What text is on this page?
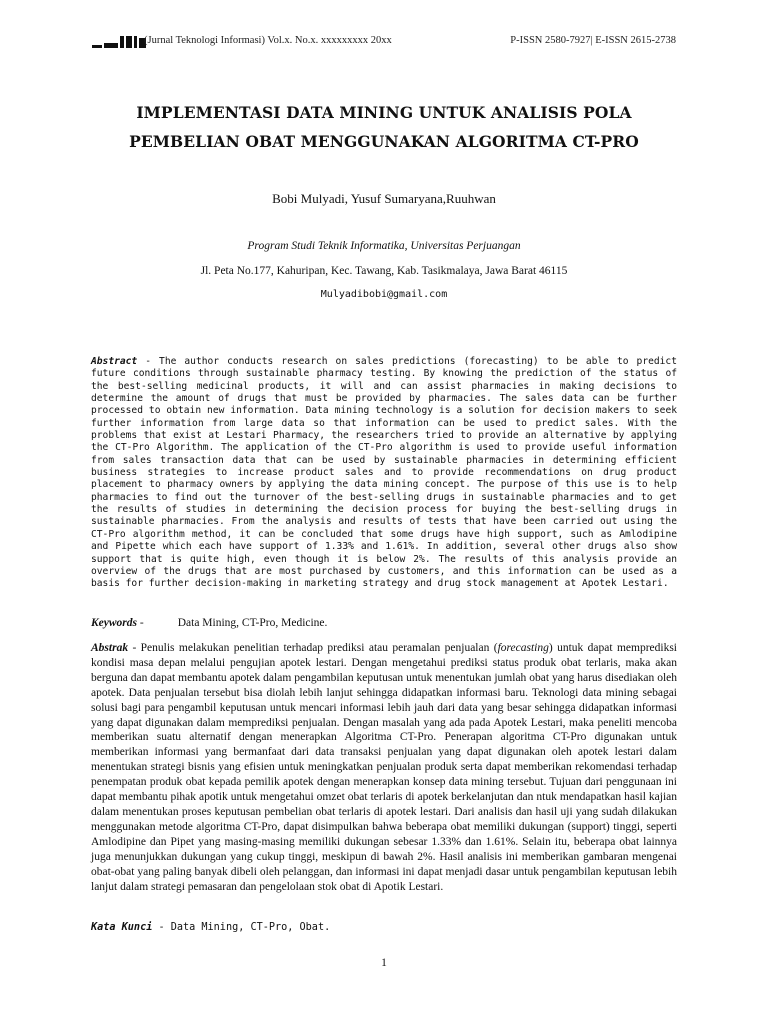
(Jurnal Teknologi Informasi) Vol.x. No.x. xxxxxxxxx 20xx	P-ISSN 2580-7927| E-ISSN 2615-2738
IMPLEMENTASI DATA MINING UNTUK ANALISIS POLA PEMBELIAN OBAT MENGGUNAKAN ALGORITMA CT-PRO
Bobi Mulyadi, Yusuf Sumaryana,Ruuhwan
Program Studi Teknik Informatika, Universitas Perjuangan
Jl. Peta No.177, Kahuripan, Kec. Tawang, Kab. Tasikmalaya, Jawa Barat 46115
Mulyadibobi@gmail.com
Abstract - The author conducts research on sales predictions (forecasting) to be able to predict future conditions through sustainable pharmacy testing. By knowing the prediction of the status of the best-selling medicinal products, it will and can assist pharmacies in making decisions to determine the amount of drugs that must be provided by pharmacies. The sales data can be further processed to obtain new information. Data mining technology is a solution for decision makers to seek further information from large data so that information can be used to predict sales. With the problems that exist at Lestari Pharmacy, the researchers tried to provide an alternative by applying the CT-Pro Algorithm. The application of the CT-Pro algorithm is used to provide useful information from sales transaction data that can be used by sustainable pharmacies in determining efficient business strategies to increase product sales and to provide recommendations on drug product placement to pharmacy owners by applying the data mining concept. The purpose of this use is to help pharmacies to find out the turnover of the best-selling drugs in sustainable pharmacies and to get the results of studies in determining the decision process for buying the best-selling drugs in sustainable pharmacies. From the analysis and results of tests that have been carried out using the CT-Pro algorithm method, it can be concluded that some drugs have high support, such as Amlodipine and Pipette which each have support of 1.33% and 1.61%. In addition, several other drugs also show support that is quite high, even though it is below 2%. The results of this analysis provide an overview of the drugs that are most purchased by customers, and this information can be used as a basis for further decision-making in marketing strategy and drug stock management at Apotek Lestari.
Keywords -	Data Mining, CT-Pro, Medicine.
Abstrak - Penulis melakukan penelitian terhadap prediksi atau peramalan penjualan (forecasting) untuk dapat memprediksi kondisi masa depan melalui pengujian apotek lestari. Dengan mengetahui prediksi status produk obat terlaris, maka akan berguna dan dapat membantu apotek dalam pengambilan keputusan untuk menentukan jumlah obat yang harus disediakan oleh apotek. Data penjualan tersebut bisa diolah lebih lanjut sehingga didapatkan informasi baru. Teknologi data mining sebagai solusi bagi para pengambil keputusan untuk mencari informasi lebih jauh dari data yang besar sehingga didapatkan informasi yang dapat digunakan dalam memprediksi penjualan. Dengan masalah yang ada pada Apotek Lestari, maka peneliti mencoba memberikan suatu alternatif dengan menerapkan Algoritma CT-Pro. Penerapan algoritma CT-Pro digunakan untuk memberikan informasi yang bermanfaat dari data transaksi penjualan yang dapat digunakan oleh apotek lestari dalam menentukan strategi bisnis yang efisien untuk meningkatkan penjualan produk serta dapat memberikan rekomendasi terhadap penempatan produk obat kepada pemilik apotek dengan menerapkan konsep data mining tersebut. Tujuan dari penggunaan ini dapat membantu pihak apotik untuk mengetahui omzet obat terlaris di apotek berkelanjutan dan ntuk mendapatkan hasil kajian dalam menentukan proses keputusan pembelian obat terlaris di apotek lestari. Dari analisis dan hasil uji yang sudah dilakukan menggunakan metode algoritma CT-Pro, dapat disimpulkan bahwa beberapa obat memiliki dukungan (support) tinggi, seperti Amlodipine dan Pipet yang masing-masing memiliki dukungan sebesar 1.33% dan 1.61%. Selain itu, beberapa obat lainnya juga menunjukkan dukungan yang cukup tinggi, meskipun di bawah 2%. Hasil analisis ini memberikan gambaran mengenai obat-obat yang paling banyak dibeli oleh pelanggan, dan informasi ini dapat menjadi dasar untuk pengambilan keputusan lebih lanjut dalam strategi pemasaran dan pengelolaan stok obat di Apotik Lestari.
Kata Kunci - Data Mining, CT-Pro, Obat.
1
